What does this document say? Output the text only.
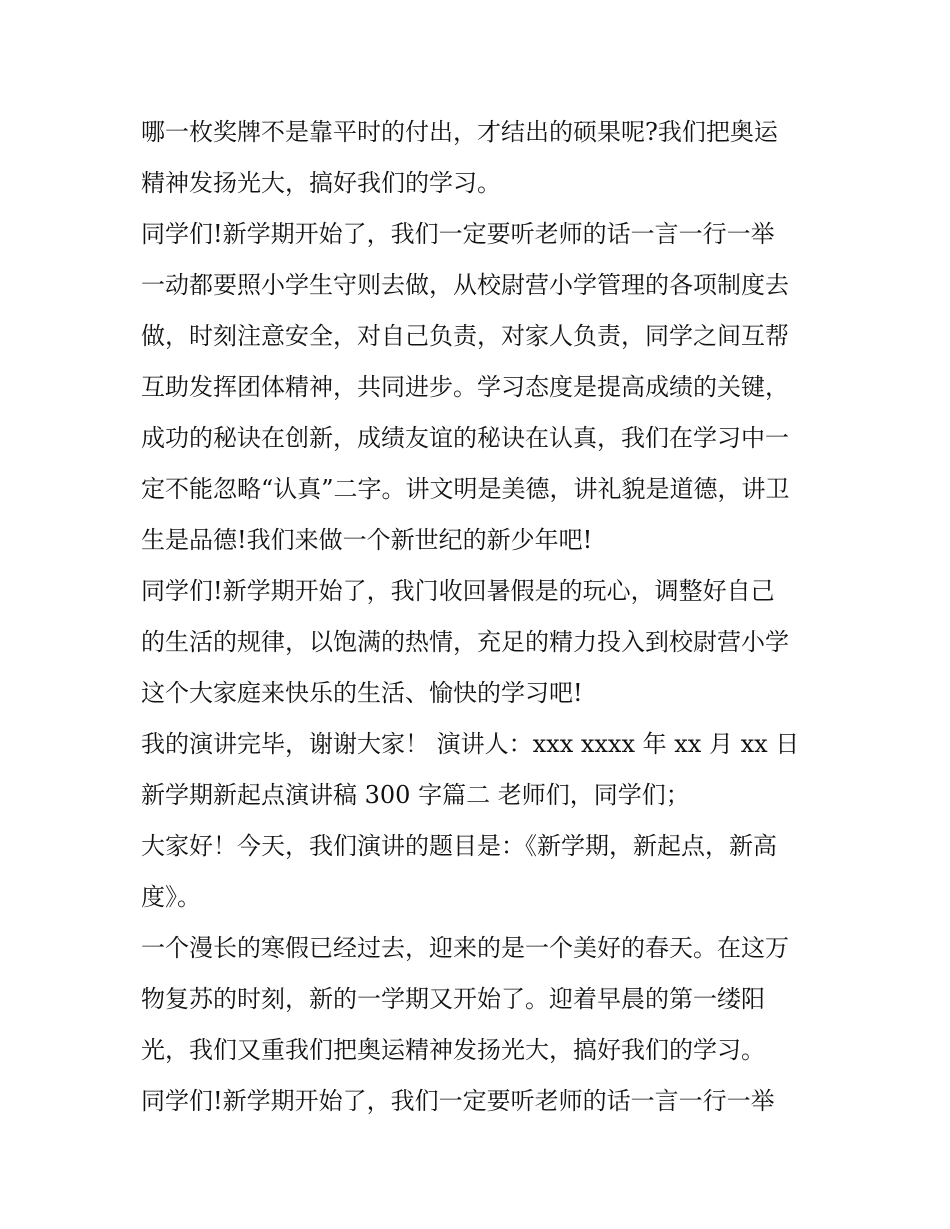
哪一枚奖牌不是靠平时的付出，才结出的硕果呢?我们把奥运
精神发扬光大，搞好我们的学习。
同学们!新学期开始了，我们一定要听老师的话一言一行一举
一动都要照小学生守则去做，从校尉营小学管理的各项制度去
做，时刻注意安全，对自己负责，对家人负责，同学之间互帮
互助发挥团体精神，共同进步。学习态度是提高成绩的关键，
成功的秘诀在创新，成绩友谊的秘诀在认真，我们在学习中一
定不能忽略“认真”二字。讲文明是美德，讲礼貌是道德，讲卫
生是品德!我们来做一个新世纪的新少年吧!
同学们!新学期开始了，我门收回暑假是的玩心，调整好自己
的生活的规律，以饱满的热情，充足的精力投入到校尉营小学
这个大家庭来快乐的生活、愉快的学习吧!
我的演讲完毕，谢谢大家！ 演讲人：xxx xxxx 年 xx 月 xx 日
新学期新起点演讲稿 300 字篇二 老师们，同学们；
大家好！今天，我们演讲的题目是：《新学期，新起点，新高
度》。
一个漫长的寒假已经过去，迎来的是一个美好的春天。在这万
物复苏的时刻，新的一学期又开始了。迎着早晨的第一缕阳
光，我们又重我们把奥运精神发扬光大，搞好我们的学习。
同学们!新学期开始了，我们一定要听老师的话一言一行一举
